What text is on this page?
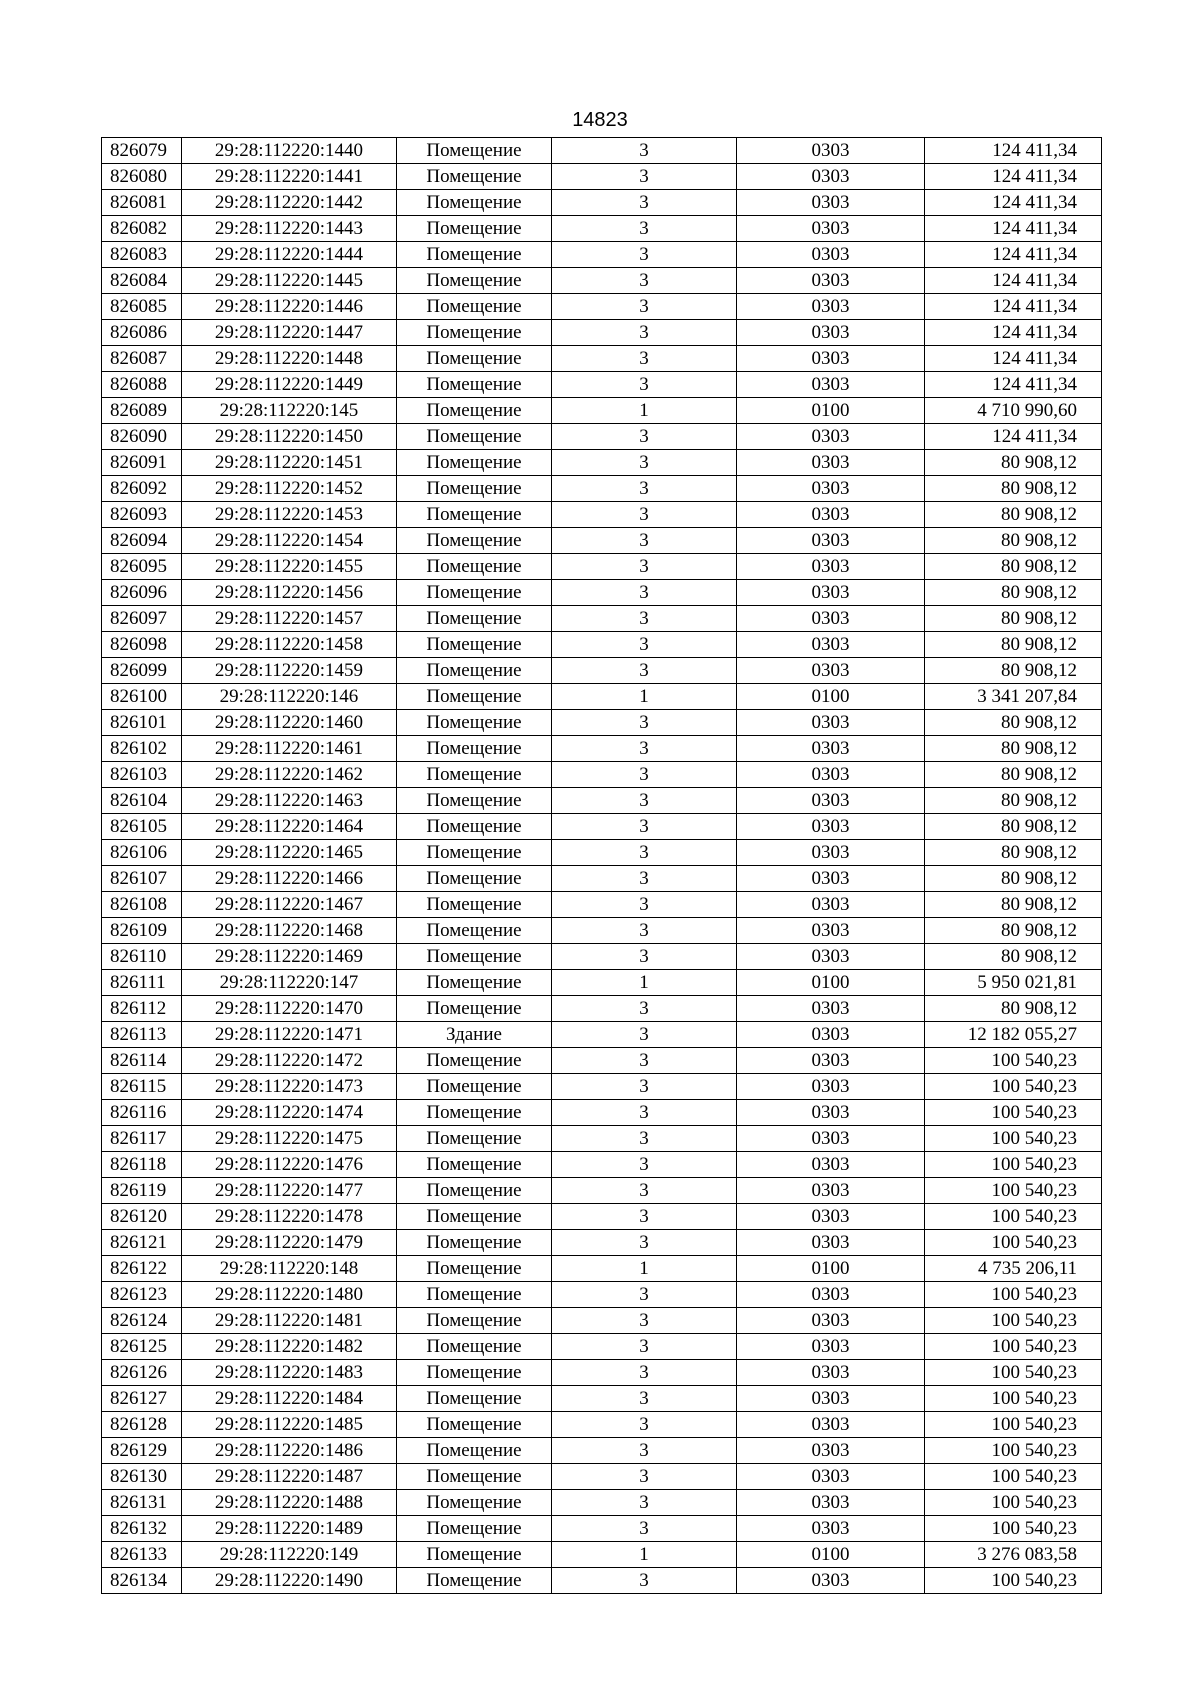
14823
826079	29:28:112220:1440	Помещение	3	0303	124 411,34
826080	29:28:112220:1441	Помещение	3	0303	124 411,34
826081	29:28:112220:1442	Помещение	3	0303	124 411,34
826082	29:28:112220:1443	Помещение	3	0303	124 411,34
826083	29:28:112220:1444	Помещение	3	0303	124 411,34
826084	29:28:112220:1445	Помещение	3	0303	124 411,34
826085	29:28:112220:1446	Помещение	3	0303	124 411,34
826086	29:28:112220:1447	Помещение	3	0303	124 411,34
826087	29:28:112220:1448	Помещение	3	0303	124 411,34
826088	29:28:112220:1449	Помещение	3	0303	124 411,34
826089	29:28:112220:145	Помещение	1	0100	4 710 990,60
826090	29:28:112220:1450	Помещение	3	0303	124 411,34
826091	29:28:112220:1451	Помещение	3	0303	80 908,12
826092	29:28:112220:1452	Помещение	3	0303	80 908,12
826093	29:28:112220:1453	Помещение	3	0303	80 908,12
826094	29:28:112220:1454	Помещение	3	0303	80 908,12
826095	29:28:112220:1455	Помещение	3	0303	80 908,12
826096	29:28:112220:1456	Помещение	3	0303	80 908,12
826097	29:28:112220:1457	Помещение	3	0303	80 908,12
826098	29:28:112220:1458	Помещение	3	0303	80 908,12
826099	29:28:112220:1459	Помещение	3	0303	80 908,12
826100	29:28:112220:146	Помещение	1	0100	3 341 207,84
826101	29:28:112220:1460	Помещение	3	0303	80 908,12
826102	29:28:112220:1461	Помещение	3	0303	80 908,12
826103	29:28:112220:1462	Помещение	3	0303	80 908,12
826104	29:28:112220:1463	Помещение	3	0303	80 908,12
826105	29:28:112220:1464	Помещение	3	0303	80 908,12
826106	29:28:112220:1465	Помещение	3	0303	80 908,12
826107	29:28:112220:1466	Помещение	3	0303	80 908,12
826108	29:28:112220:1467	Помещение	3	0303	80 908,12
826109	29:28:112220:1468	Помещение	3	0303	80 908,12
826110	29:28:112220:1469	Помещение	3	0303	80 908,12
826111	29:28:112220:147	Помещение	1	0100	5 950 021,81
826112	29:28:112220:1470	Помещение	3	0303	80 908,12
826113	29:28:112220:1471	Здание	3	0303	12 182 055,27
826114	29:28:112220:1472	Помещение	3	0303	100 540,23
826115	29:28:112220:1473	Помещение	3	0303	100 540,23
826116	29:28:112220:1474	Помещение	3	0303	100 540,23
826117	29:28:112220:1475	Помещение	3	0303	100 540,23
826118	29:28:112220:1476	Помещение	3	0303	100 540,23
826119	29:28:112220:1477	Помещение	3	0303	100 540,23
826120	29:28:112220:1478	Помещение	3	0303	100 540,23
826121	29:28:112220:1479	Помещение	3	0303	100 540,23
826122	29:28:112220:148	Помещение	1	0100	4 735 206,11
826123	29:28:112220:1480	Помещение	3	0303	100 540,23
826124	29:28:112220:1481	Помещение	3	0303	100 540,23
826125	29:28:112220:1482	Помещение	3	0303	100 540,23
826126	29:28:112220:1483	Помещение	3	0303	100 540,23
826127	29:28:112220:1484	Помещение	3	0303	100 540,23
826128	29:28:112220:1485	Помещение	3	0303	100 540,23
826129	29:28:112220:1486	Помещение	3	0303	100 540,23
826130	29:28:112220:1487	Помещение	3	0303	100 540,23
826131	29:28:112220:1488	Помещение	3	0303	100 540,23
826132	29:28:112220:1489	Помещение	3	0303	100 540,23
826133	29:28:112220:149	Помещение	1	0100	3 276 083,58
826134	29:28:112220:1490	Помещение	3	0303	100 540,23
